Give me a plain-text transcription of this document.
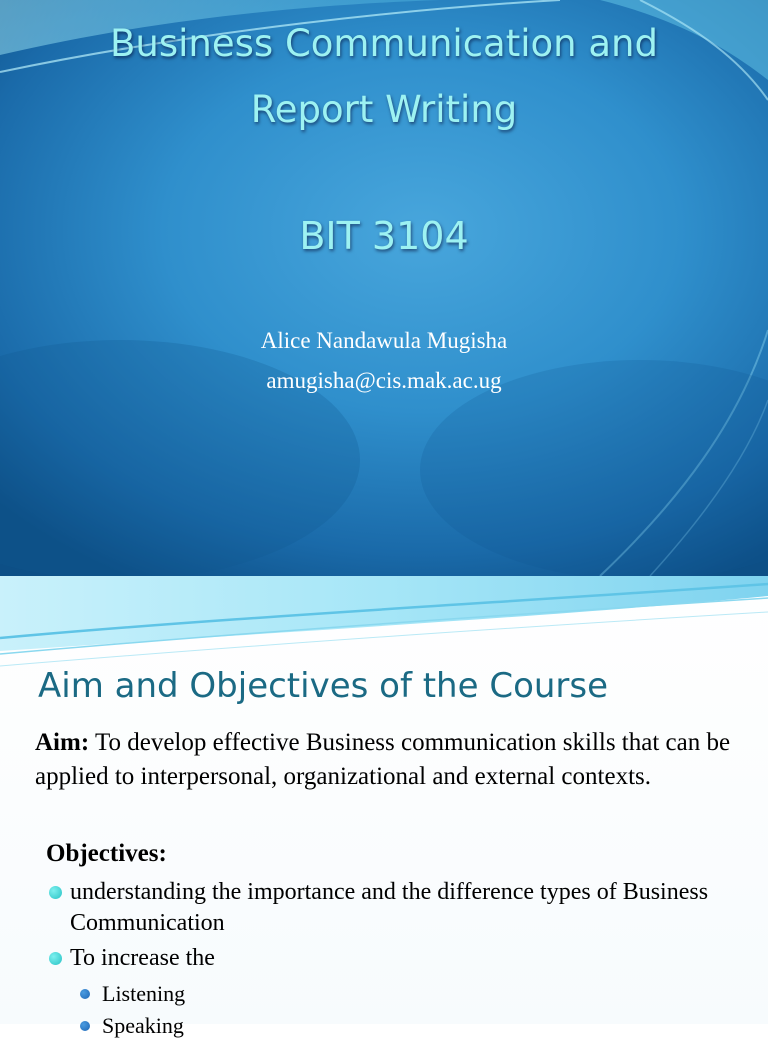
Business Communication and
Report Writing
BIT 3104
Alice Nandawula Mugisha
amugisha@cis.mak.ac.ug
Aim and Objectives of the Course
Aim: To develop effective Business communication skills that can be applied to interpersonal, organizational and external contexts.
Objectives:
understanding the importance and the difference types of Business Communication
To increase the
Listening
Speaking
